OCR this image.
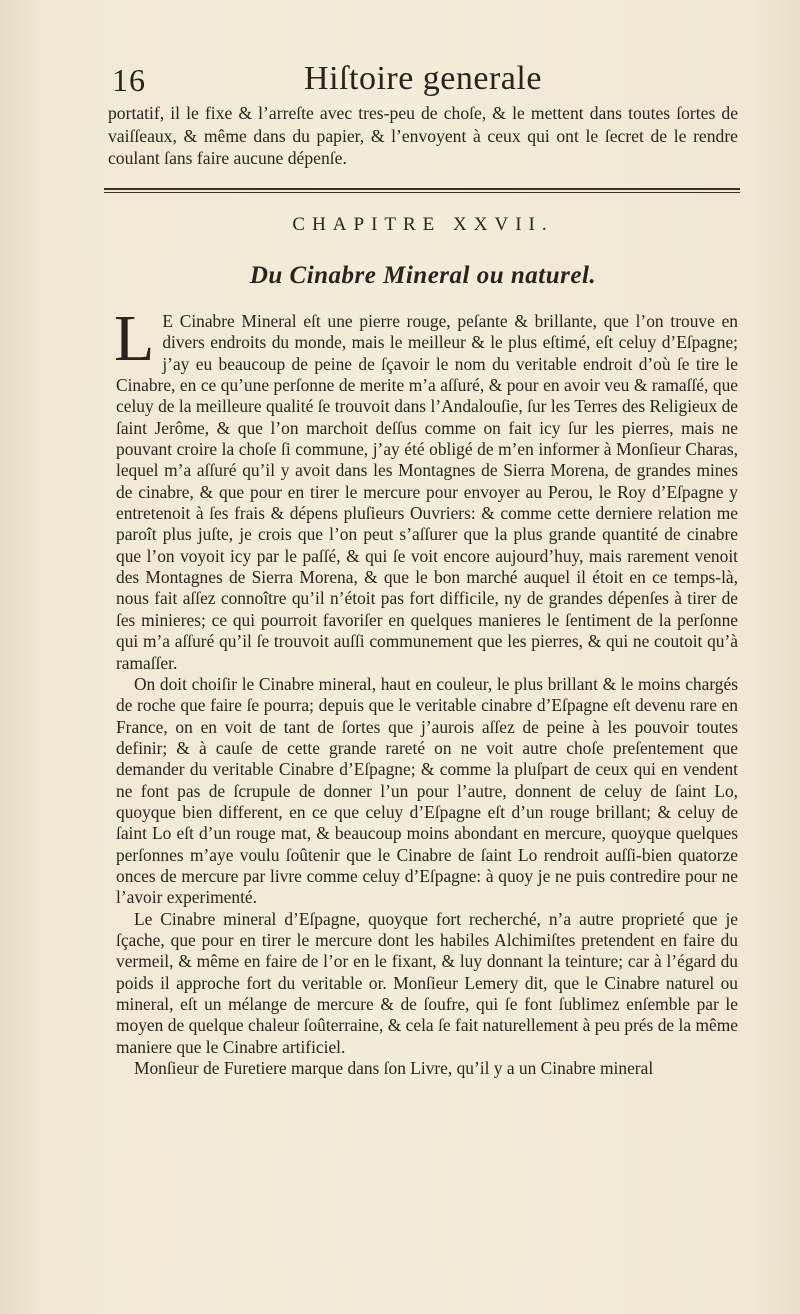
16	Hiſtoire generale

portatif, il le fixe & l’arreſte avec tres-peu de choſe, & le mettent dans toutes ſortes de vaiſſeaux, & même dans du papier, & l’envoyent à ceux qui ont le ſecret de le rendre coulant ſans faire aucune dépenſe.

CHAPITRE XXVII.
Du Cinabre Mineral ou naturel.

L E Cinabre Mineral eſt une pierre rouge, peſante & brillante, que l’on trouve en divers endroits du monde, mais le meilleur & le plus eſtimé, eſt celuy d’Eſpagne; j’ay eu beaucoup de peine de ſçavoir le nom du veritable endroit d’où ſe tire le Cinabre, en ce qu’une perſonne de merite m’a aſſuré, & pour en avoir veu & ramaſſé, que celuy de la meilleure qualité ſe trouvoit dans l’Andalouſie, ſur les Terres des Religieux de ſaint Jerôme, & que l’on marchoit deſſus comme on fait icy ſur les pierres, mais ne pouvant croire la choſe ſi commune, j’ay été obligé de m’en informer à Monſieur Charas, lequel m’a aſſuré qu’il y avoit dans les Montagnes de Sierra Morena, de grandes mines de cinabre, & que pour en tirer le mercure pour envoyer au Perou, le Roy d’Eſpagne y entretenoit à ſes frais & dépens pluſieurs Ouvriers: & comme cette derniere relation me paroît plus juſte, je crois que l’on peut s’aſſurer que la plus grande quantité de cinabre que l’on voyoit icy par le paſſé, & qui ſe voit encore aujourd’huy, mais rarement venoit des Montagnes de Sierra Morena, & que le bon marché auquel il étoit en ce temps-là, nous fait aſſez connoître qu’il n’étoit pas fort difficile, ny de grandes dépenſes à tirer de ſes minieres; ce qui pourroit favoriſer en quelques manieres le ſentiment de la perſonne qui m’a aſſuré qu’il ſe trouvoit auſſi communement que les pierres, & qui ne coutoit qu’à ramaſſer.

On doit choiſir le Cinabre mineral, haut en couleur, le plus brillant & le moins chargés de roche que faire ſe pourra; depuis que le veritable cinabre d’Eſpagne eſt devenu rare en France, on en voit de tant de ſortes que j’aurois aſſez de peine à les pouvoir toutes definir; & à cauſe de cette grande rareté on ne voit autre choſe preſentement que demander du veritable Cinabre d’Eſpagne; & comme la pluſpart de ceux qui en vendent ne font pas de ſcrupule de donner l’un pour l’autre, donnent de celuy de ſaint Lo, quoyque bien different, en ce que celuy d’Eſpagne eſt d’un rouge brillant; & celuy de ſaint Lo eſt d’un rouge mat, & beaucoup moins abondant en mercure, quoyque quelques perſonnes m’aye voulu ſoûtenir que le Cinabre de ſaint Lo rendroit auſſi-bien quatorze onces de mercure par livre comme celuy d’Eſpagne: à quoy je ne puis contredire pour ne l’avoir experimenté.

Le Cinabre mineral d’Eſpagne, quoyque fort recherché, n’a autre proprieté que je ſçache, que pour en tirer le mercure dont les habiles Alchimiſtes pretendent en faire du vermeil, & même en faire de l’or en le fixant, & luy donnant la teinture; car à l’égard du poids il approche fort du veritable or. Monſieur Lemery dit, que le Cinabre naturel ou mineral, eſt un mélange de mercure & de ſoufre, qui ſe font ſublimez enſemble par le moyen de quelque chaleur ſoûterraine, & cela ſe fait naturellement à peu prés de la même maniere que le Cinabre artificiel.

Monſieur de Furetiere marque dans ſon Livre, qu’il y a un Cinabre mineral
